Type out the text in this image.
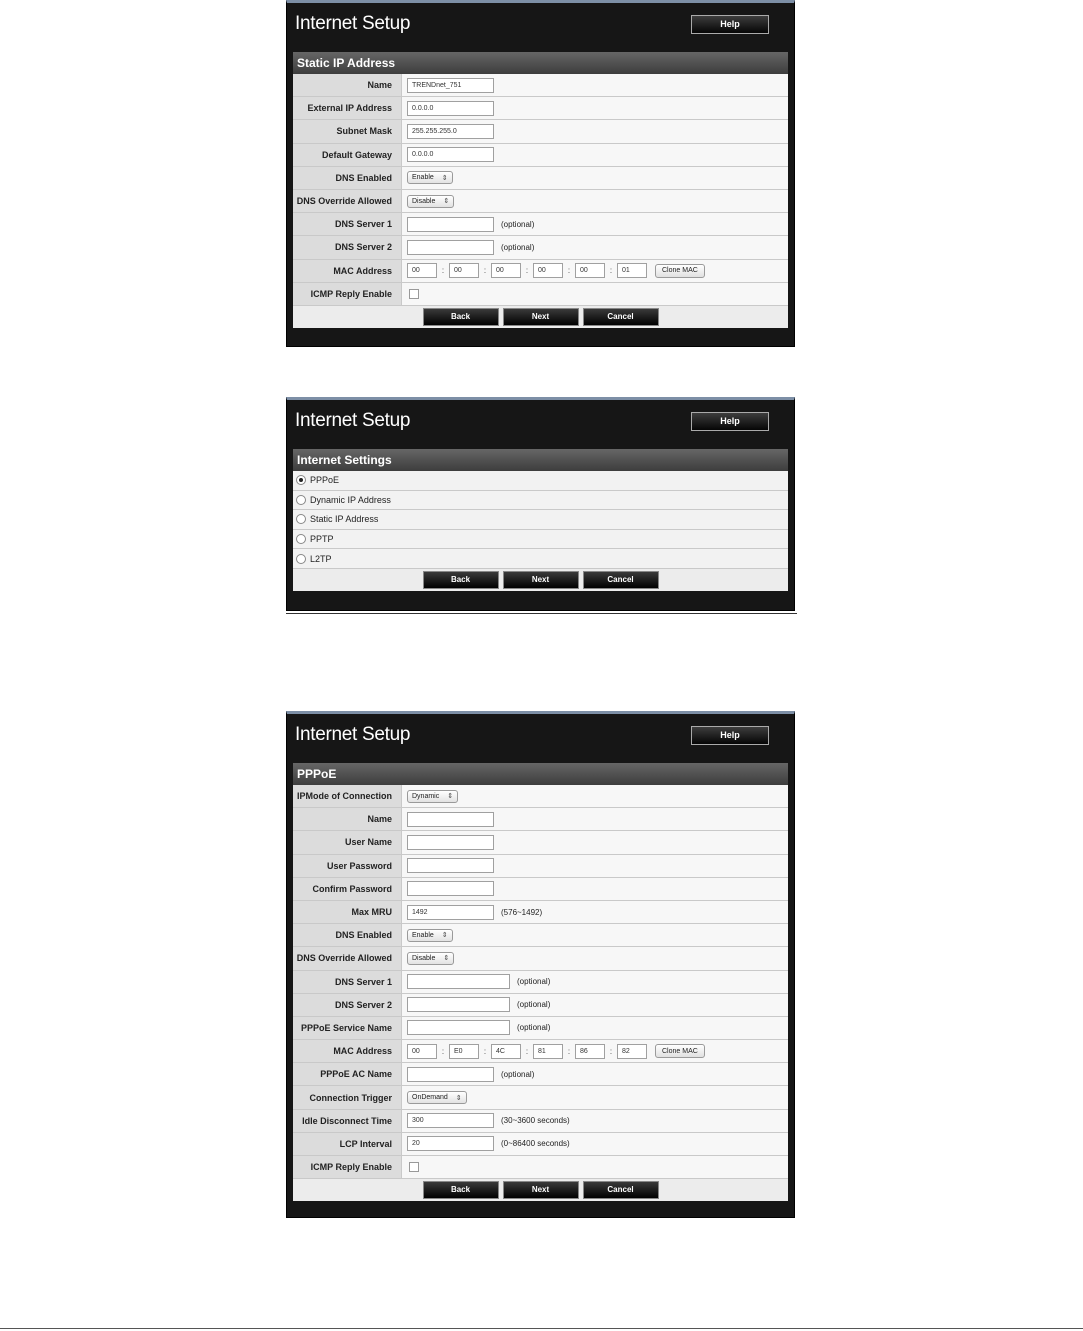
Internet Setup	Help
Static IP Address
Name	TRENDnet_751
External IP Address	0.0.0.0
Subnet Mask	255.255.255.0
Default Gateway	0.0.0.0
DNS Enabled	Enable ⇕
DNS Override Allowed	Disable ⇕
DNS Server 1	(optional)
DNS Server 2	(optional)
MAC Address	00	:	00	:	00	:	00	:	00	:	01	Clone MAC
ICMP Reply Enable
Back	Next	Cancel
Internet Setup	Help
Internet Settings
PPPoE
Dynamic IP Address
Static IP Address
PPTP
L2TP
Back	Next	Cancel
Internet Setup	Help
PPPoE
IPMode of Connection	Dynamic ⇕
Name
User Name
User Password
Confirm Password
Max MRU	1492	(576~1492)
DNS Enabled	Enable ⇕
DNS Override Allowed	Disable ⇕
DNS Server 1	(optional)
DNS Server 2	(optional)
PPPoE Service Name	(optional)
MAC Address	00	:	E0	:	4C	:	81	:	86	:	82	Clone MAC
PPPoE AC Name	(optional)
Connection Trigger	OnDemand ⇕
Idle Disconnect Time	300	(30~3600 seconds)
LCP Interval	20	(0~86400 seconds)
ICMP Reply Enable
Back	Next	Cancel
